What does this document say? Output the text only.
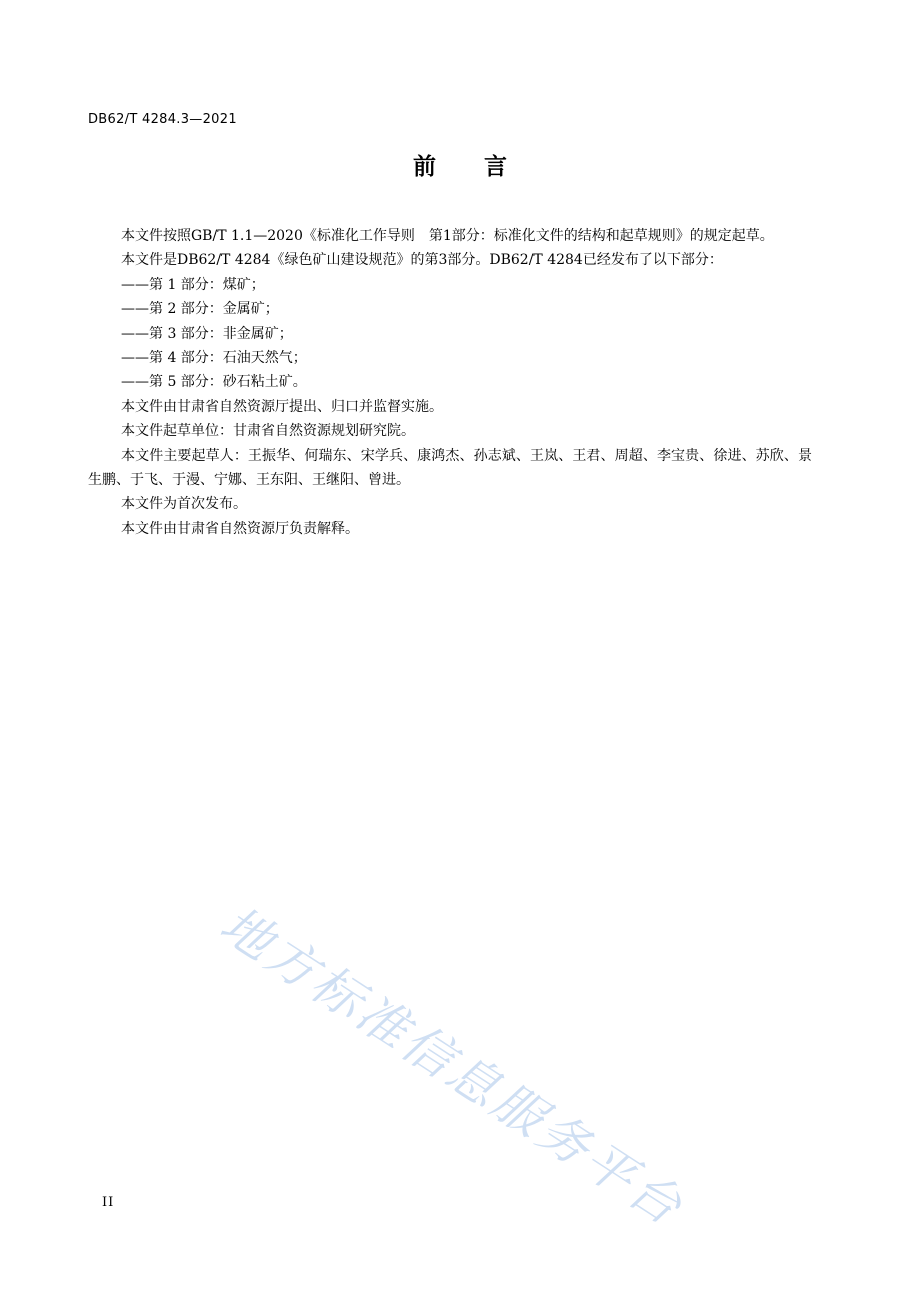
DB62/T 4284.3—2021
前言

本文件按照GB/T 1.1—2020《标准化工作导则　第1部分：标准化文件的结构和起草规则》的规定起草。

本文件是DB62/T 4284《绿色矿山建设规范》的第3部分。DB62/T 4284已经发布了以下部分：

——第 1 部分：煤矿；

——第 2 部分：金属矿；

——第 3 部分：非金属矿；

——第 4 部分：石油天然气；

——第 5 部分：砂石粘土矿。

本文件由甘肃省自然资源厅提出、归口并监督实施。

本文件起草单位：甘肃省自然资源规划研究院。

本文件主要起草人：王振华、何瑞东、宋学兵、康鸿杰、孙志斌、王岚、王君、周超、李宝贵、徐进、苏欣、景生鹏、于飞、于漫、宁娜、王东阳、王继阳、曾进。

本文件为首次发布。

本文件由甘肃省自然资源厅负责解释。

地方标准信息服务平台
II
